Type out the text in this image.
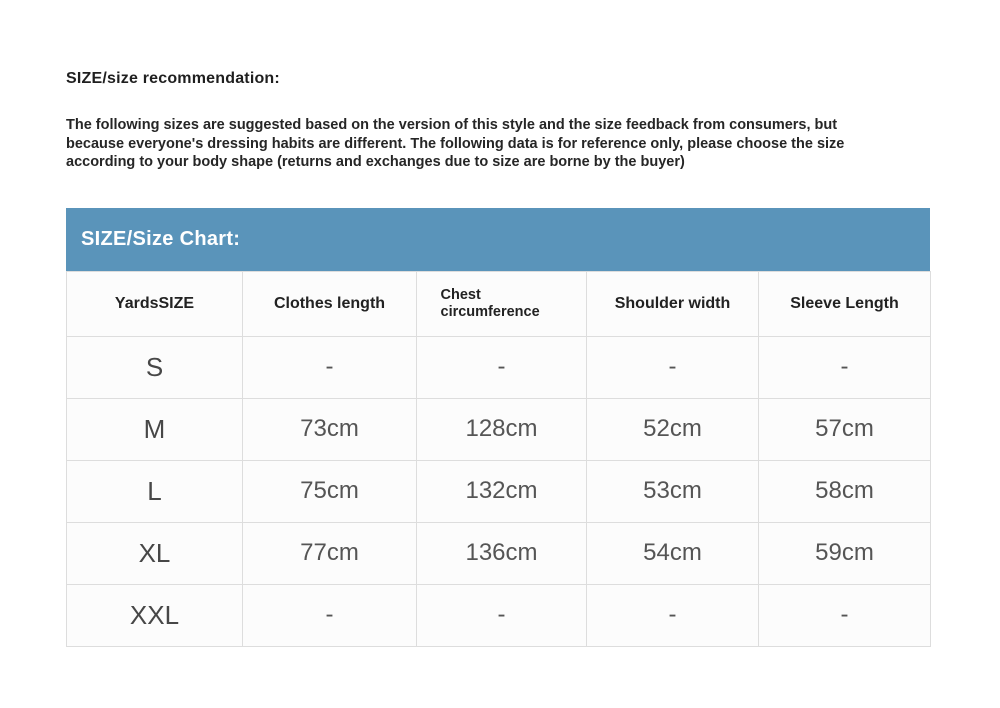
SIZE/size recommendation:
The following sizes are suggested based on the version of this style and the size feedback from consumers, but
because everyone's dressing habits are different. The following data is for reference only, please choose the size
according to your body shape (returns and exchanges due to size are borne by the buyer)
SIZE/Size Chart:
YardsSIZE	Clothes length	Chest circumference	Shoulder width	Sleeve Length
S	-	-	-	-
M	73cm	128cm	52cm	57cm
L	75cm	132cm	53cm	58cm
XL	77cm	136cm	54cm	59cm
XXL	-	-	-	-
